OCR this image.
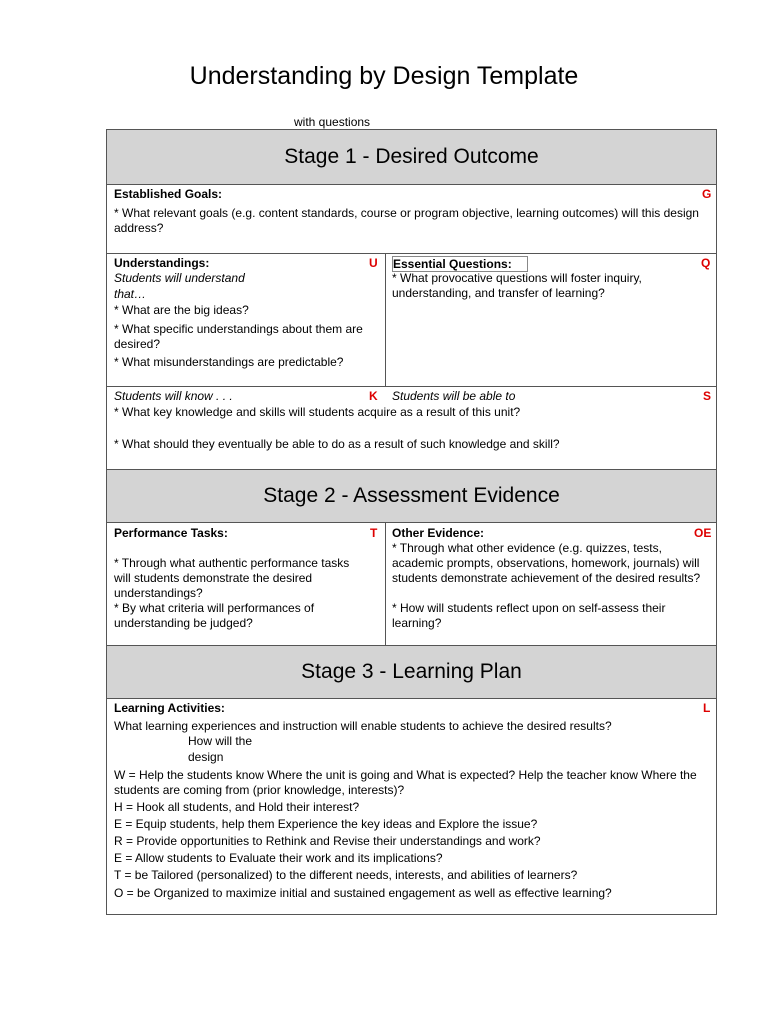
Understanding by Design Template
with questions
Stage 1 - Desired Outcome
Established Goals:	G
* What relevant goals (e.g. content standards, course or program objective, learning outcomes) will this design address?
Understandings:	U
Students will understand
that…
* What are the big ideas?
* What specific understandings about them are desired?
* What misunderstandings are predictable?
Essential Questions:	Q
* What provocative questions will foster inquiry, understanding, and transfer of learning?
Students will know . . .	K Students will be able to	S
* What key knowledge and skills will students acquire as a result of this unit?
* What should they eventually be able to do as a result of such knowledge and skill?
Stage 2 - Assessment Evidence
Performance Tasks:	T
* Through what authentic performance tasks will students demonstrate the desired understandings?
* By what criteria will performances of understanding be judged?
Other Evidence:	OE
* Through what other evidence (e.g. quizzes, tests, academic prompts, observations, homework, journals) will students demonstrate achievement of the desired results?
* How will students reflect upon on self-assess their learning?
Stage 3 - Learning Plan
Learning Activities:	L
What learning experiences and instruction will enable students to achieve the desired results?
How will the
design
W = Help the students know Where the unit is going and What is expected? Help the teacher know Where the students are coming from (prior knowledge, interests)?
H = Hook all students, and Hold their interest?
E = Equip students, help them Experience the key ideas and Explore the issue?
R = Provide opportunities to Rethink and Revise their understandings and work?
E = Allow students to Evaluate their work and its implications?
T = be Tailored (personalized) to the different needs, interests, and abilities of learners?
O = be Organized to maximize initial and sustained engagement as well as effective learning?
